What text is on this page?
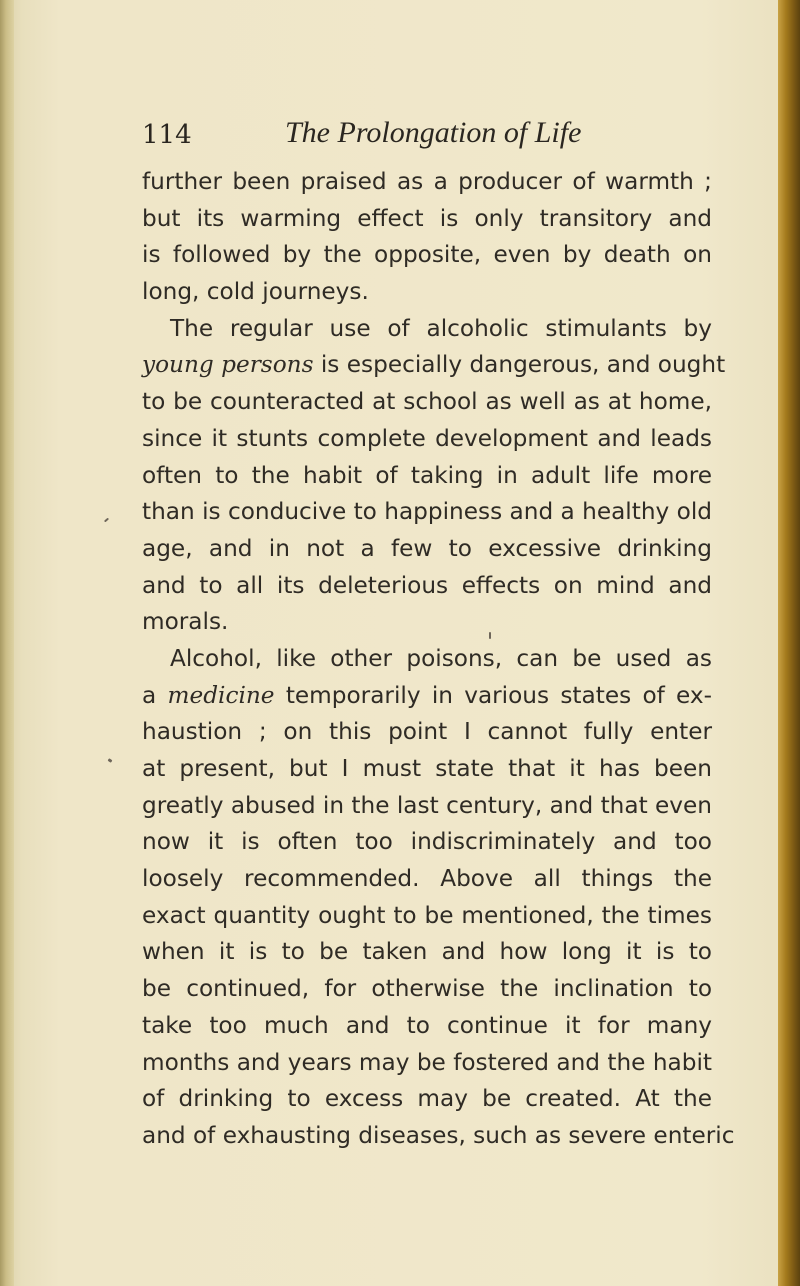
114	The Prolongation of Life
further been praised as a producer of warmth ;
but its warming effect is only transitory and
is followed by the opposite, even by death on
long, cold journeys.
The regular use of alcoholic stimulants by
young persons is especially dangerous, and ought
to be counteracted at school as well as at home,
since it stunts complete development and leads
often to the habit of taking in adult life more
than is conducive to happiness and a healthy old
age, and in not a few to excessive drinking
and to all its deleterious effects on mind and
morals.
Alcohol, like other poisons, can be used as
a medicine temporarily in various states of ex-
haustion ; on this point I cannot fully enter
at present, but I must state that it has been
greatly abused in the last century, and that even
now it is often too indiscriminately and too
loosely recommended. Above all things the
exact quantity ought to be mentioned, the times
when it is to be taken and how long it is to
be continued, for otherwise the inclination to
take too much and to continue it for many
months and years may be fostered and the habit
of drinking to excess may be created. At the
and of exhausting diseases, such as severe enteric
